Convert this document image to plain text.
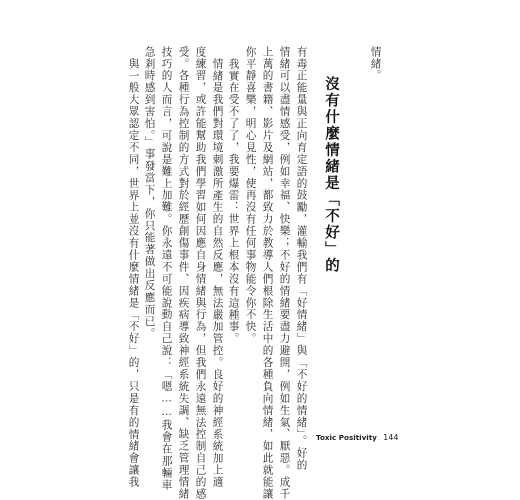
情緒。
沒有什麼情緒是「不好」的
有毒正能量與正向育定語的鼓勵，灌輸我們有「好情緒」與「不好的情緒」。好的
情緒可以盡情感受，例如幸福、快樂；不好的情緒要盡力避開，例如生氣、厭惡。成千
上萬的書籍、影片及網站，都致力於教導人們根除生活中的各種負向情緒，如此就能讓
你平靜喜樂，明心見性，使再沒有任何事物能令你不快。
我實在受不了了，我要爆雷：世界上根本沒有這種事。
情緒是我們對環境刺激所產生的自然反應，無法嚴加管控。良好的神經系統加上適
度練習，或許能幫助我們學習如何因應自身情緒與行為，但我們永遠無法控制自己的感
受。各種行為控制的方式對於經歷創傷事件、因疾病導致神經系統失調、缺乏管理情緒
技巧的人而言，可說是難上加難。你永遠不可能說動自己說：「嗯……我會在那輛車
急剎時感到害怕。」事發當下，你只能著做出反應而已。
與一般大眾認定不同，世界上並沒有什麼情緒是「不好」的，只是有的情緒會讓我	Toxic Positivity 144
